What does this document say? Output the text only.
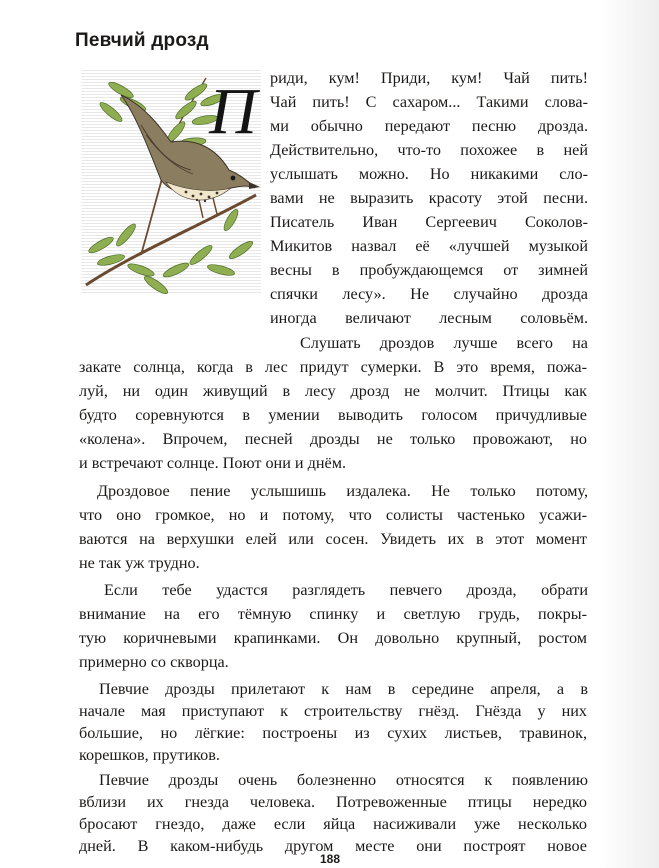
Певчий дрозд
П риди, кум! Приди, кум! Чай пить!

Чай пить! С сахаром... Такими слова-

ми обычно передают песню дрозда.

Действительно, что-то похожее в ней

услышать можно. Но никакими сло-

вами не выразить красоту этой песни.

Писатель Иван Сергеевич Соколов-

Микитов назвал её «лучшей музыкой

весны в пробуждающемся от зимней

спячки лесу». Не случайно дрозда

иногда величают лесным соловьём.

Слушать дроздов лучше всего на

закате солнца, когда в лес придут сумерки. В это время, пожа-

луй, ни один живущий в лесу дрозд не молчит. Птицы как

будто соревнуются в умении выводить голосом причудливые

«колена». Впрочем, песней дрозды не только провожают, но

и встречают солнце. Поют они и днём.

Дроздовое пение услышишь издалека. Не только потому,

что оно громкое, но и потому, что солисты частенько усажи-

ваются на верхушки елей или сосен. Увидеть их в этот момент

не так уж трудно.

Если тебе удастся разглядеть певчего дрозда, обрати

внимание на его тёмную спинку и светлую грудь, покры-

тую коричневыми крапинками. Он довольно крупный, ростом

примерно со скворца.

Певчие дрозды прилетают к нам в середине апреля, а в

начале мая приступают к строительству гнёзд. Гнёзда у них

большие, но лёгкие: построены из сухих листьев, травинок,

корешков, прутиков.

Певчие дрозды очень болезненно относятся к появлению

вблизи их гнезда человека. Потревоженные птицы нередко

бросают гнездо, даже если яйца насиживали уже несколько

дней. В каком-нибудь другом месте они построят новое

188
